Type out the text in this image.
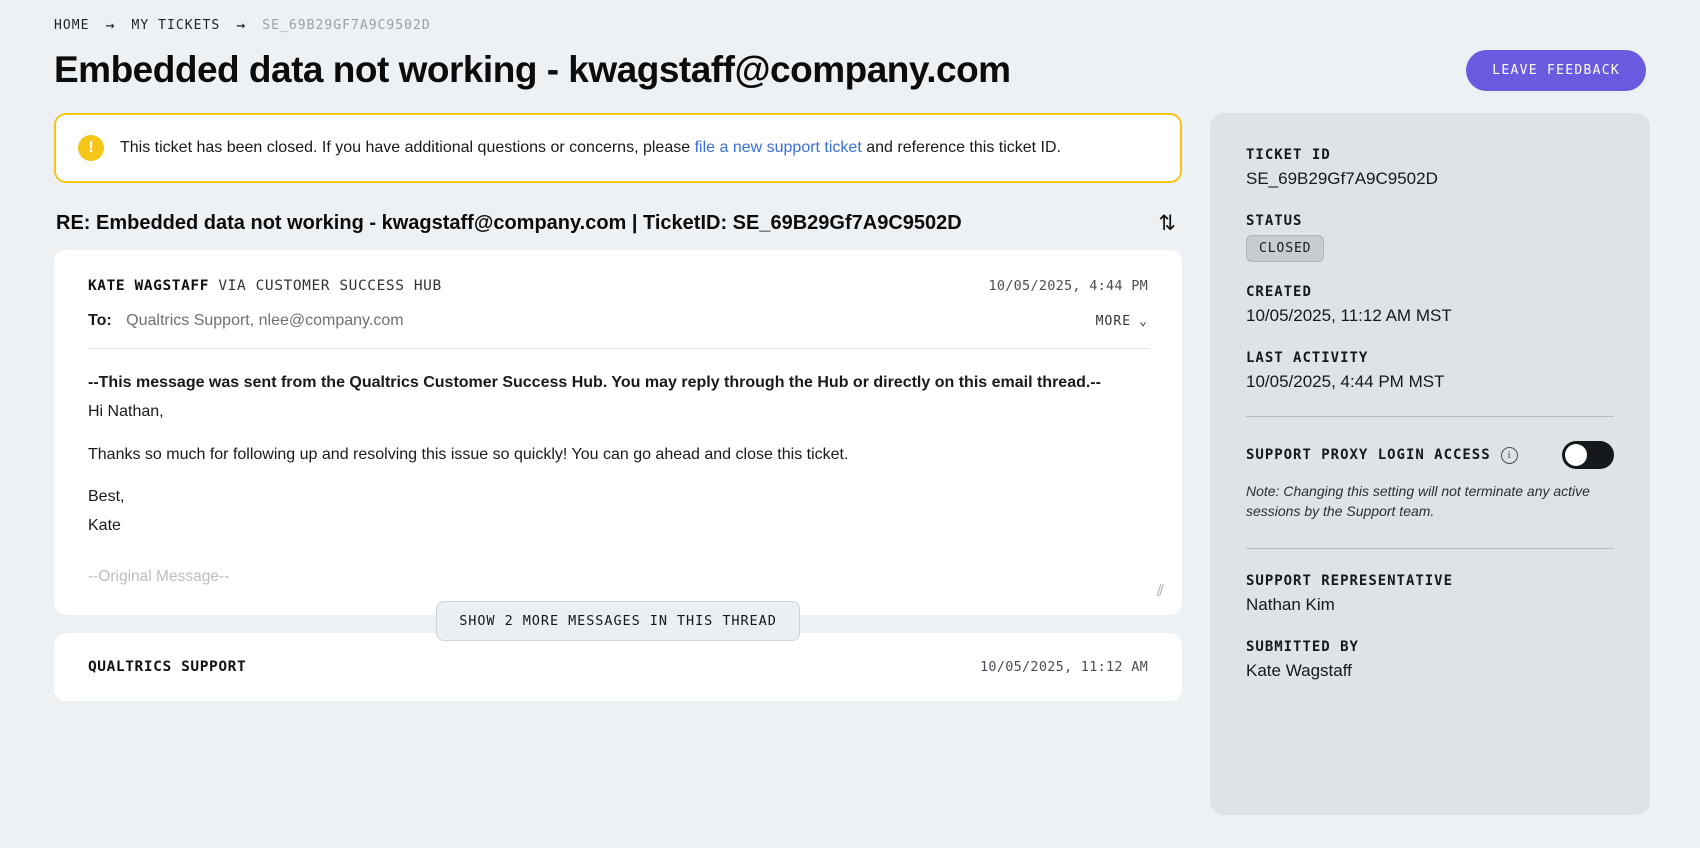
HOME → MY TICKETS → SE_69B29GF7A9C9502D
Embedded data not working - kwagstaff@company.com	LEAVE FEEDBACK
!	This ticket has been closed. If you have additional questions or concerns, please file a new support ticket and reference this ticket ID.
RE: Embedded data not working - kwagstaff@company.com | TicketID: SE_69B29Gf7A9C9502D	⇅
KATE WAGSTAFF VIA CUSTOMER SUCCESS HUB	10/05/2025, 4:44 PM
To: Qualtrics Support, nlee@company.com	MORE ⌄

--This message was sent from the Qualtrics Customer Success Hub. You may reply through the Hub or directly on this email thread.--

Hi Nathan,

Thanks so much for following up and resolving this issue so quickly! You can go ahead and close this ticket.

Best,

Kate

--Original Message--
⫽
SHOW 2 MORE MESSAGES IN THIS THREAD
QUALTRICS SUPPORT	10/05/2025, 11:12 AM
TICKET ID
SE_69B29Gf7A9C9502D
STATUS
CLOSED
CREATED
10/05/2025, 11:12 AM MST
LAST ACTIVITY
10/05/2025, 4:44 PM MST
SUPPORT PROXY LOGIN ACCESS	i
Note: Changing this setting will not terminate any active sessions by the Support team.
SUPPORT REPRESENTATIVE
Nathan Kim
SUBMITTED BY
Kate Wagstaff
